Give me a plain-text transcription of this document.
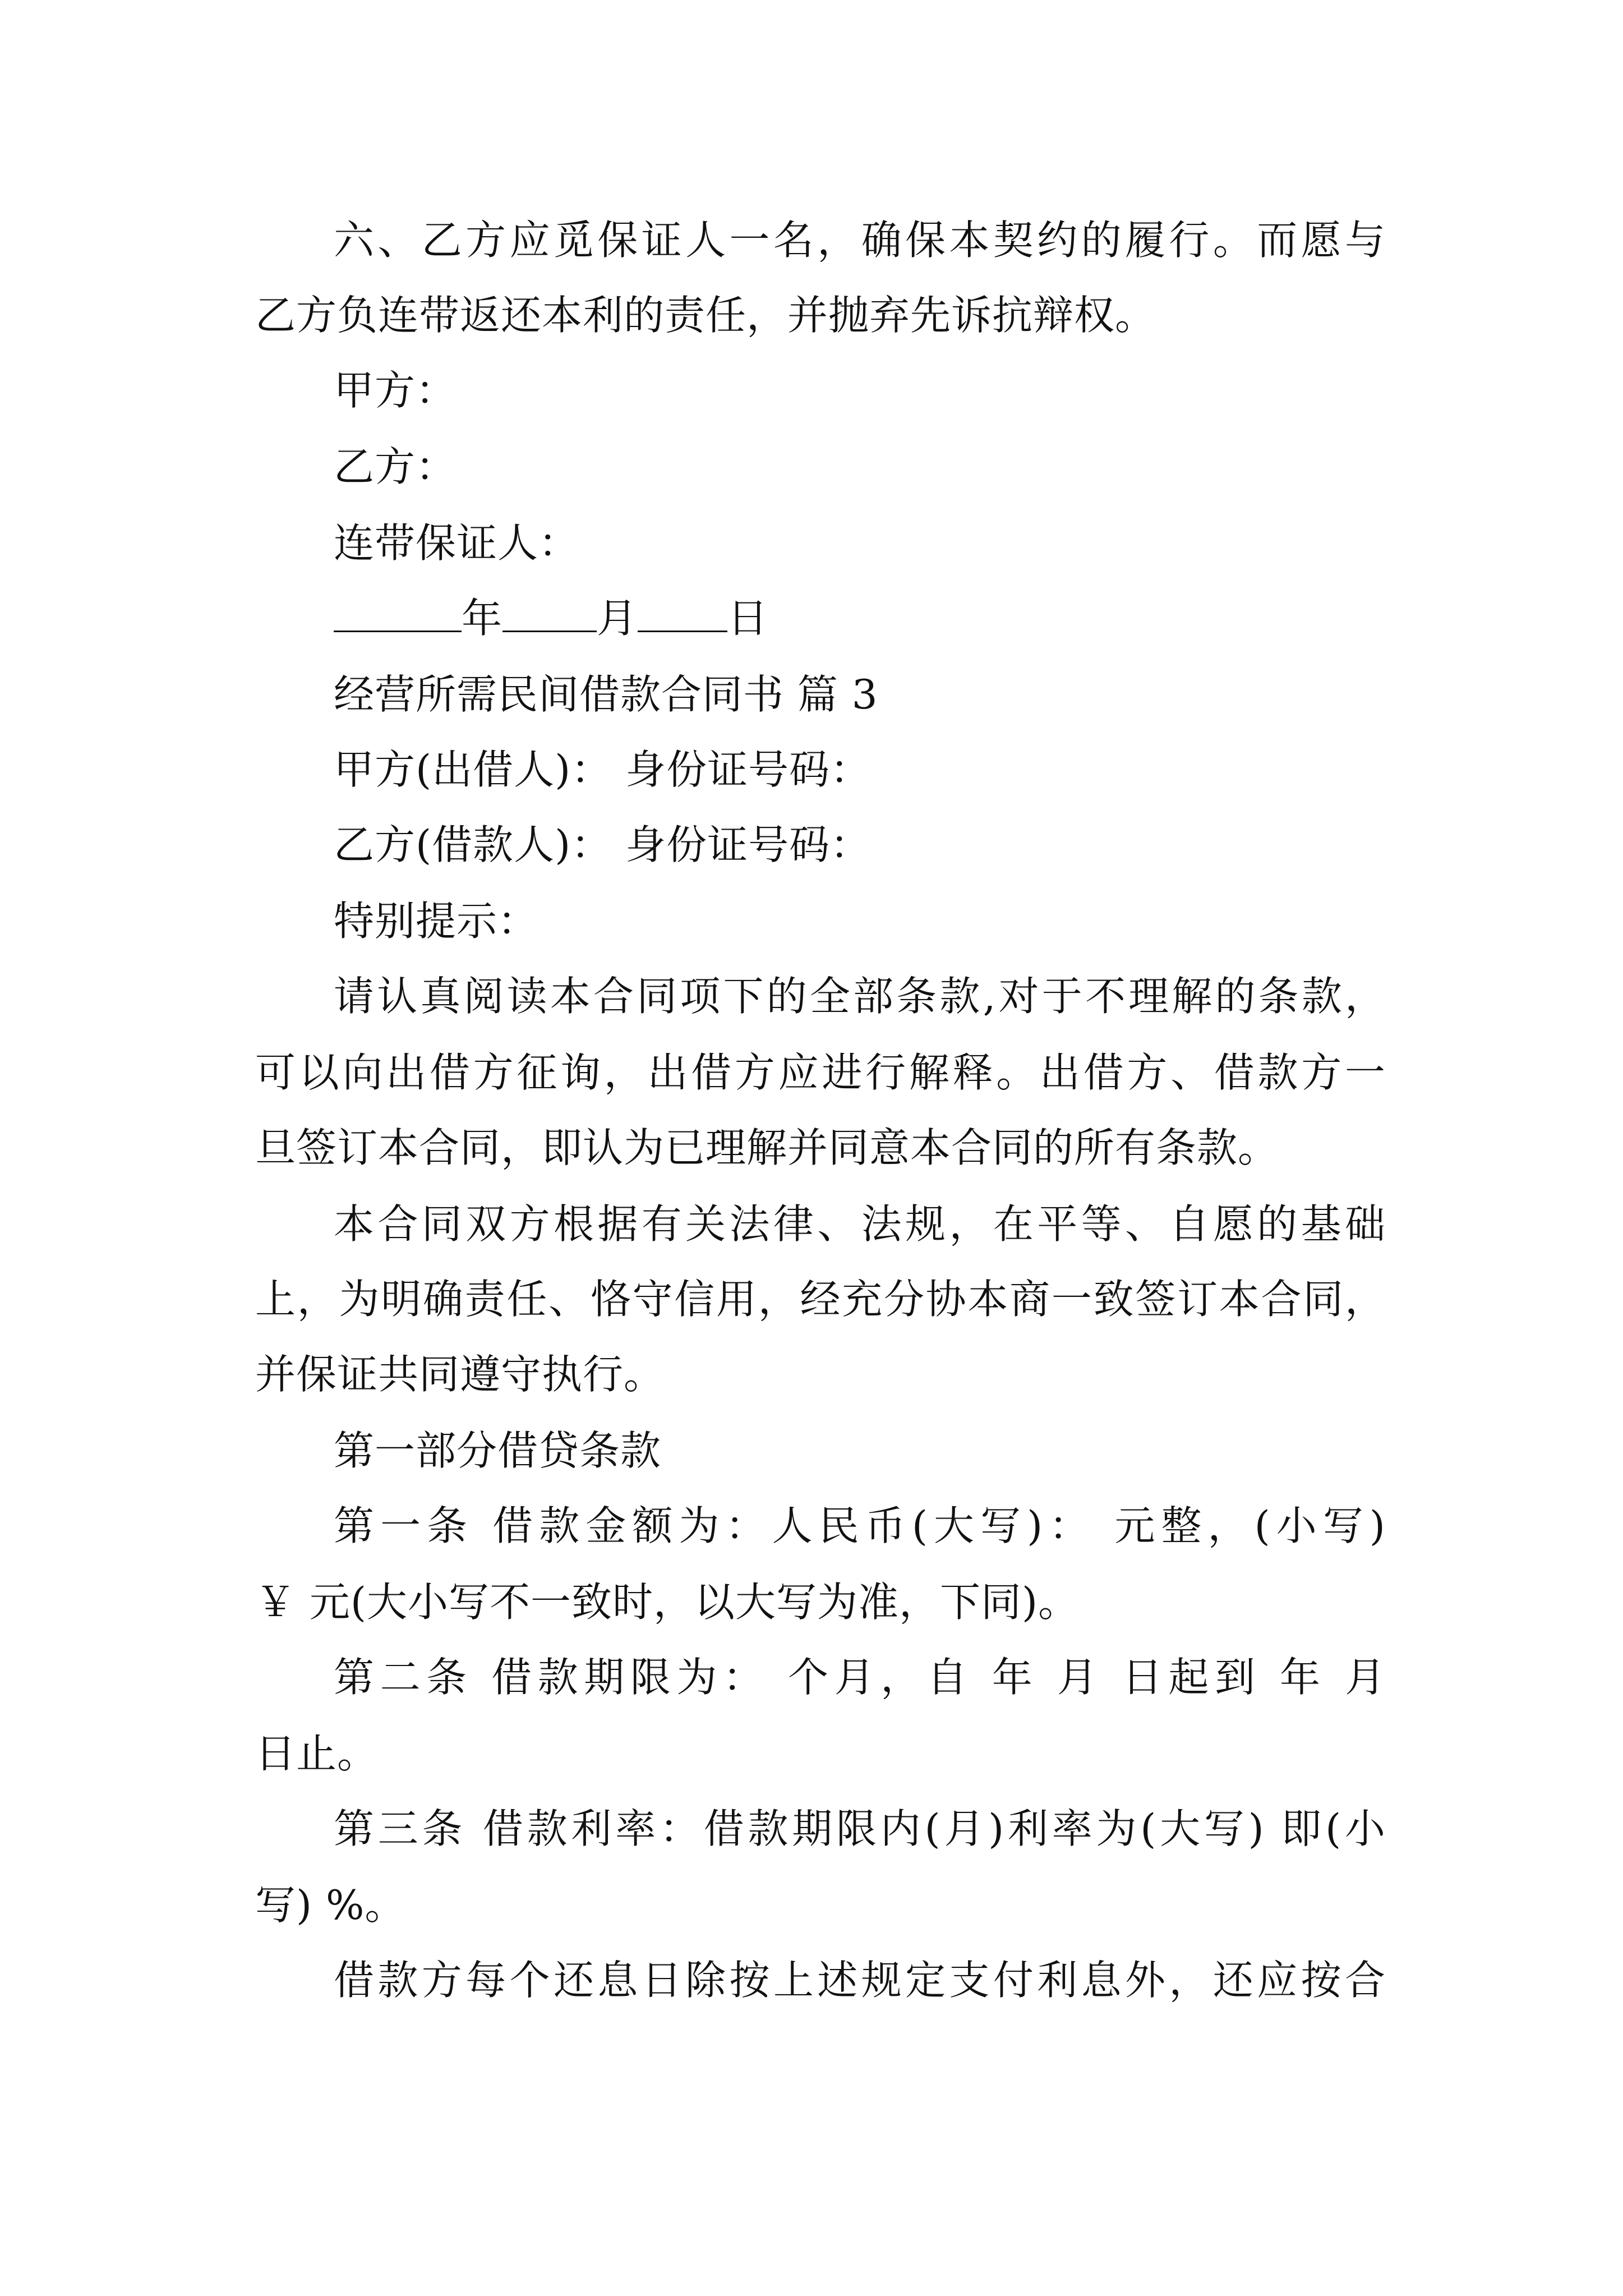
六、乙方应觅保证人一名，确保本契约的履行。而愿与
乙方负连带返还本利的责任，并抛弃先诉抗辩权。
甲方：
乙方：
连带保证人：
年 月 日
经营所需民间借款合同书 篇 3
甲方(出借人)： 身份证号码：
乙方(借款人)： 身份证号码：
特别提示：
请认真阅读本合同项下的全部条款,对于不理解的条款，
可以向出借方征询，出借方应进行解释。出借方、借款方一
旦签订本合同，即认为已理解并同意本合同的所有条款。
本合同双方根据有关法律、法规，在平等、自愿的基础
上，为明确责任、恪守信用，经充分协本商一致签订本合同，
并保证共同遵守执行。
第一部分借贷条款
第一条 借款金额为：人民币(大写)： 元整，(小写)
￥ 元(大小写不一致时，以大写为准，下同)。
第二条 借款期限为： 个月，自 年 月 日起到 年 月
日止。
第三条 借款利率：借款期限内(月)利率为(大写) 即(小
写) %。
借款方每个还息日除按上述规定支付利息外，还应按合
